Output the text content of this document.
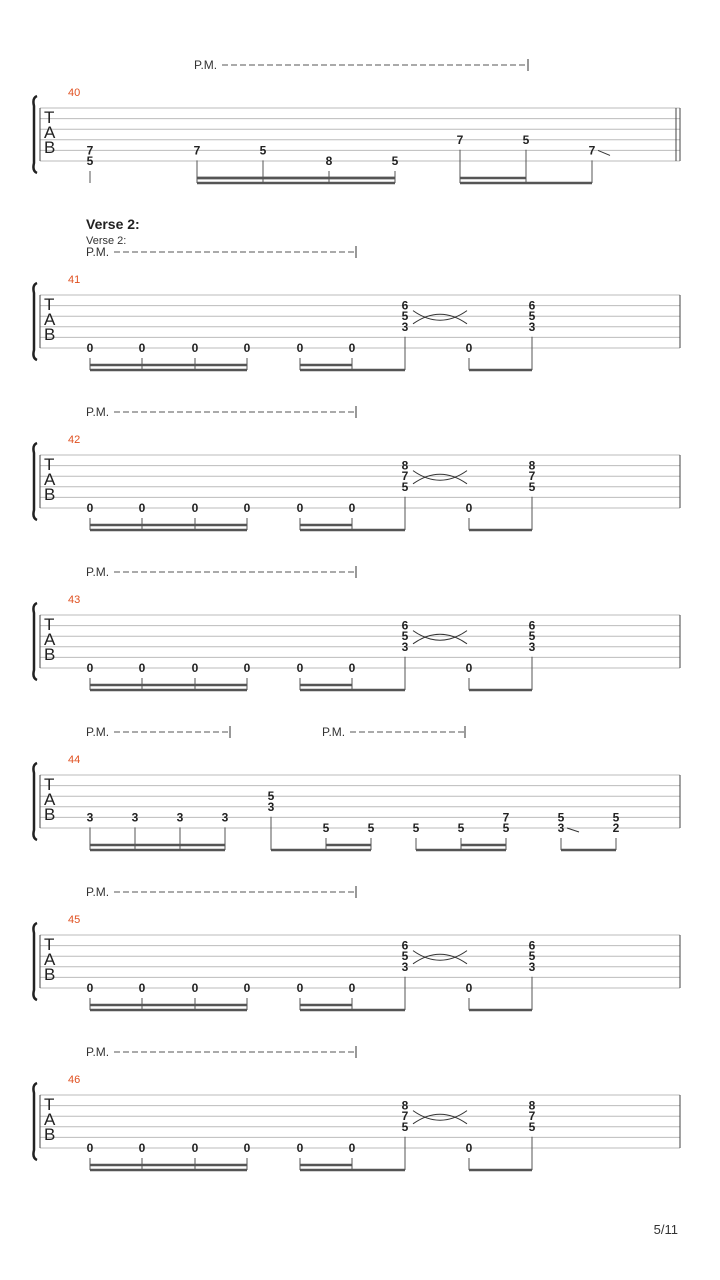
P.M.
40
T
A
B	7
5
7	5
8	5
7	5
7
P.M.
41
T
A
B
0	0	0	0	0	0
6
5
3
0
6
5
3
P.M.
42
T
A
B
0	0	0	0	0	0
8
7
5
0
8
7
5
P.M.
43
T
A
B
0	0	0	0	0	0
6
5
3
0
6
5
3
P.M.	P.M.
44
T
A
B	3	3	3	3
5
3
5	5	5	5
7
5
5
3
5
2
P.M.
45
T
A
B
0	0	0	0	0	0
6
5
3
0
6
5
3
P.M.
46
T
A
B
0	0	0	0	0	0
8
7
5
0
8
7
5
Verse 2:
Verse 2:
5/11
